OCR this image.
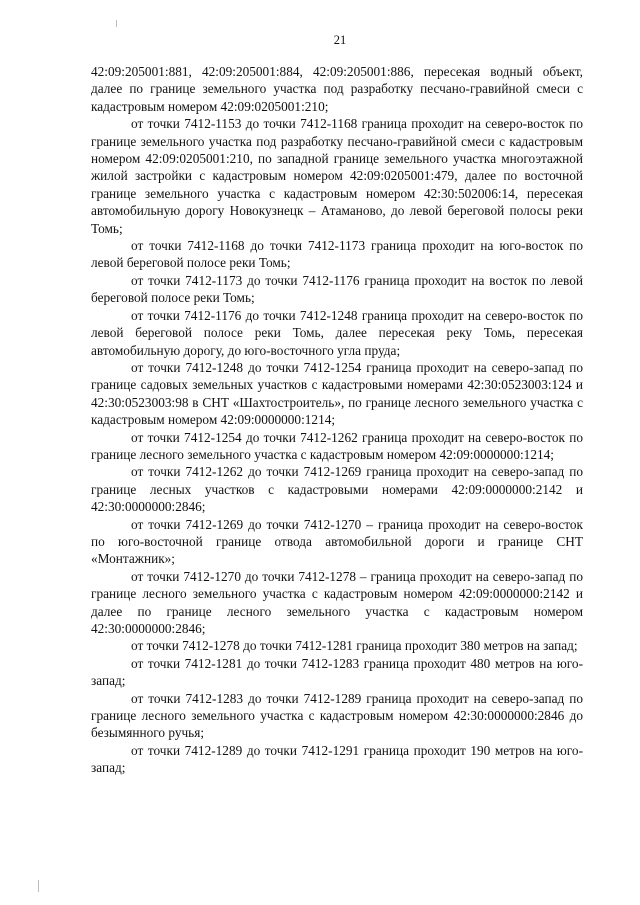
21

42:09:205001:881, 42:09:205001:884, 42:09:205001:886, пересекая водный объект, далее по границе земельного участка под разработку песчано-гравийной смеси с кадастровым номером 42:09:0205001:210;

от точки 7412-1153 до точки 7412-1168 граница проходит на северо-восток по границе земельного участка под разработку песчано-гравийной смеси с кадастровым номером 42:09:0205001:210, по западной границе земельного участка многоэтажной жилой застройки с кадастровым номером 42:09:0205001:479, далее по восточной границе земельного участка с кадастровым номером 42:30:502006:14, пересекая автомобильную дорогу Новокузнецк – Атаманово, до левой береговой полосы реки Томь;

от точки 7412-1168 до точки 7412-1173 граница проходит на юго-восток по левой береговой полосе реки Томь;

от точки 7412-1173 до точки 7412-1176 граница проходит на восток по левой береговой полосе реки Томь;

от точки 7412-1176 до точки 7412-1248 граница проходит на северо-восток по левой береговой полосе реки Томь, далее пересекая реку Томь, пересекая автомобильную дорогу, до юго-восточного угла пруда;

от точки 7412-1248 до точки 7412-1254 граница проходит на северо-запад по границе садовых земельных участков с кадастровыми номерами 42:30:0523003:124 и 42:30:0523003:98 в СНТ «Шахтостроитель», по границе лесного земельного участка с кадастровым номером 42:09:0000000:1214;

от точки 7412-1254 до точки 7412-1262 граница проходит на северо-восток по границе лесного земельного участка с кадастровым номером 42:09:0000000:1214;

от точки 7412-1262 до точки 7412-1269 граница проходит на северо-запад по границе лесных участков с кадастровыми номерами 42:09:0000000:2142 и 42:30:0000000:2846;

от точки 7412-1269 до точки 7412-1270 – граница проходит на северо-восток по юго-восточной границе отвода автомобильной дороги и границе СНТ «Монтажник»;

от точки 7412-1270 до точки 7412-1278 – граница проходит на северо-запад по границе лесного земельного участка с кадастровым номером 42:09:0000000:2142 и далее по границе лесного земельного участка с кадастровым номером 42:30:0000000:2846;

от точки 7412-1278 до точки 7412-1281 граница проходит 380 метров на запад;

от точки 7412-1281 до точки 7412-1283 граница проходит 480 метров на юго-запад;

от точки 7412-1283 до точки 7412-1289 граница проходит на северо-запад по границе лесного земельного участка с кадастровым номером 42:30:0000000:2846 до безымянного ручья;

от точки 7412-1289 до точки 7412-1291 граница проходит 190 метров на юго-запад;
